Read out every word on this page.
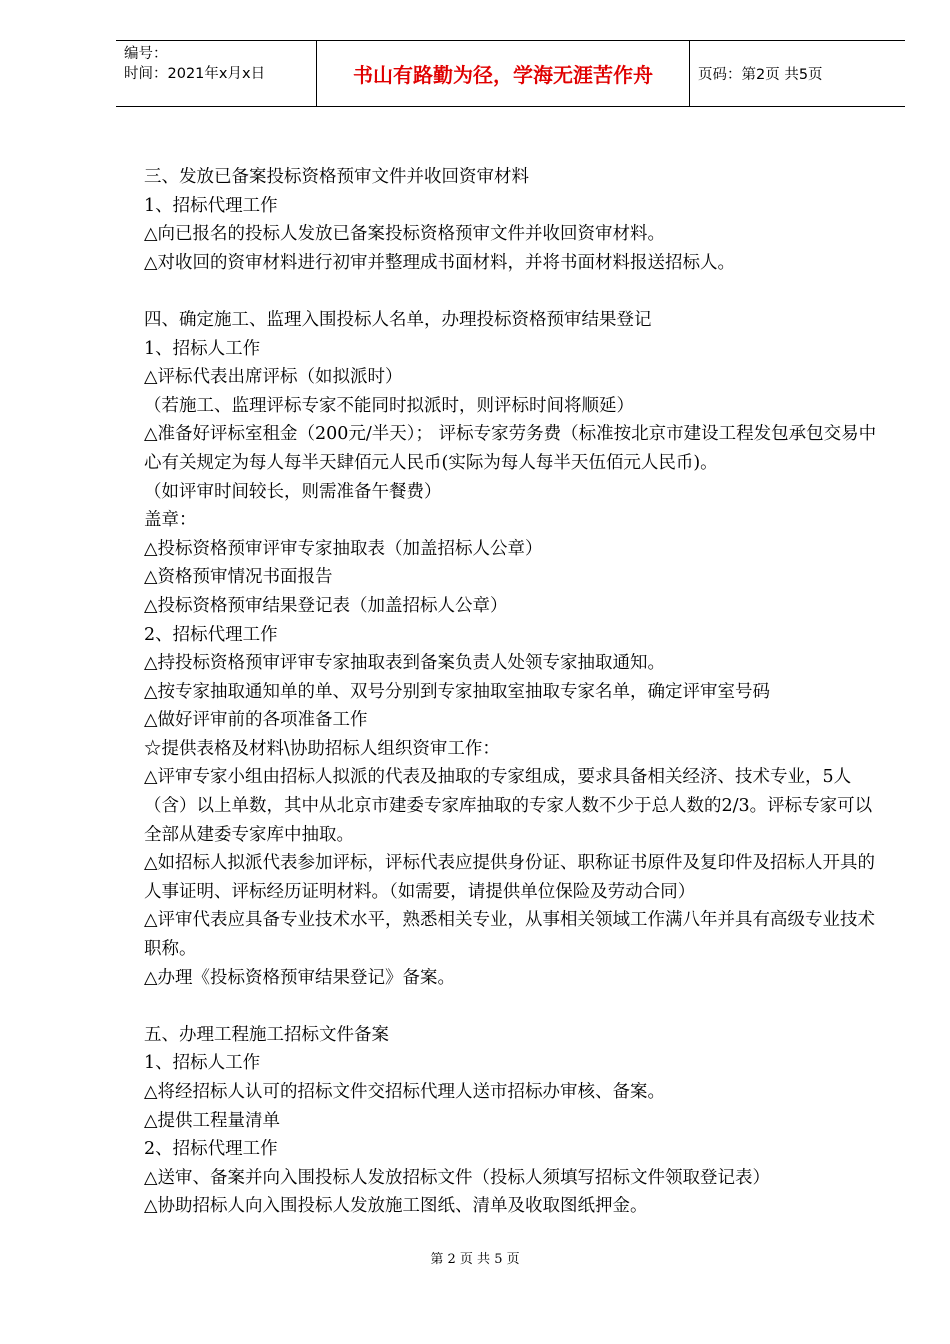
编号：
时间：2021年x月x日	书山有路勤为径，学海无涯苦作舟	页码：第2页 共5页

三、发放已备案投标资格预审文件并收回资审材料

1、招标代理工作

△向已报名的投标人发放已备案投标资格预审文件并收回资审材料。

△对收回的资审材料进行初审并整理成书面材料，并将书面材料报送招标人。

四、确定施工、监理入围投标人名单，办理投标资格预审结果登记

1、招标人工作

△评标代表出席评标（如拟派时）

（若施工、监理评标专家不能同时拟派时，则评标时间将顺延）

△准备好评标室租金（200元/半天）； 评标专家劳务费（标准按北京市建设工程发包承包交易中心有关规定为每人每半天肆佰元人民币(实际为每人每半天伍佰元人民币)。

（如评审时间较长，则需准备午餐费）

盖章：

△投标资格预审评审专家抽取表（加盖招标人公章）

△资格预审情况书面报告

△投标资格预审结果登记表（加盖招标人公章）

2、招标代理工作

△持投标资格预审评审专家抽取表到备案负责人处领专家抽取通知。

△按专家抽取通知单的单、双号分别到专家抽取室抽取专家名单，确定评审室号码

△做好评审前的各项准备工作

☆提供表格及材料\协助招标人组织资审工作：

△评审专家小组由招标人拟派的代表及抽取的专家组成，要求具备相关经济、技术专业，5人（含）以上单数，其中从北京市建委专家库抽取的专家人数不少于总人数的2/3。评标专家可以全部从建委专家库中抽取。

△如招标人拟派代表参加评标，评标代表应提供身份证、职称证书原件及复印件及招标人开具的人事证明、评标经历证明材料。（如需要，请提供单位保险及劳动合同）

△评审代表应具备专业技术水平，熟悉相关专业，从事相关领域工作满八年并具有高级专业技术职称。

△办理《投标资格预审结果登记》备案。

五、办理工程施工招标文件备案

1、招标人工作

△将经招标人认可的招标文件交招标代理人送市招标办审核、备案。

△提供工程量清单

2、招标代理工作

△送审、备案并向入围投标人发放招标文件（投标人须填写招标文件领取登记表）

△协助招标人向入围投标人发放施工图纸、清单及收取图纸押金。

第 2 页 共 5 页
